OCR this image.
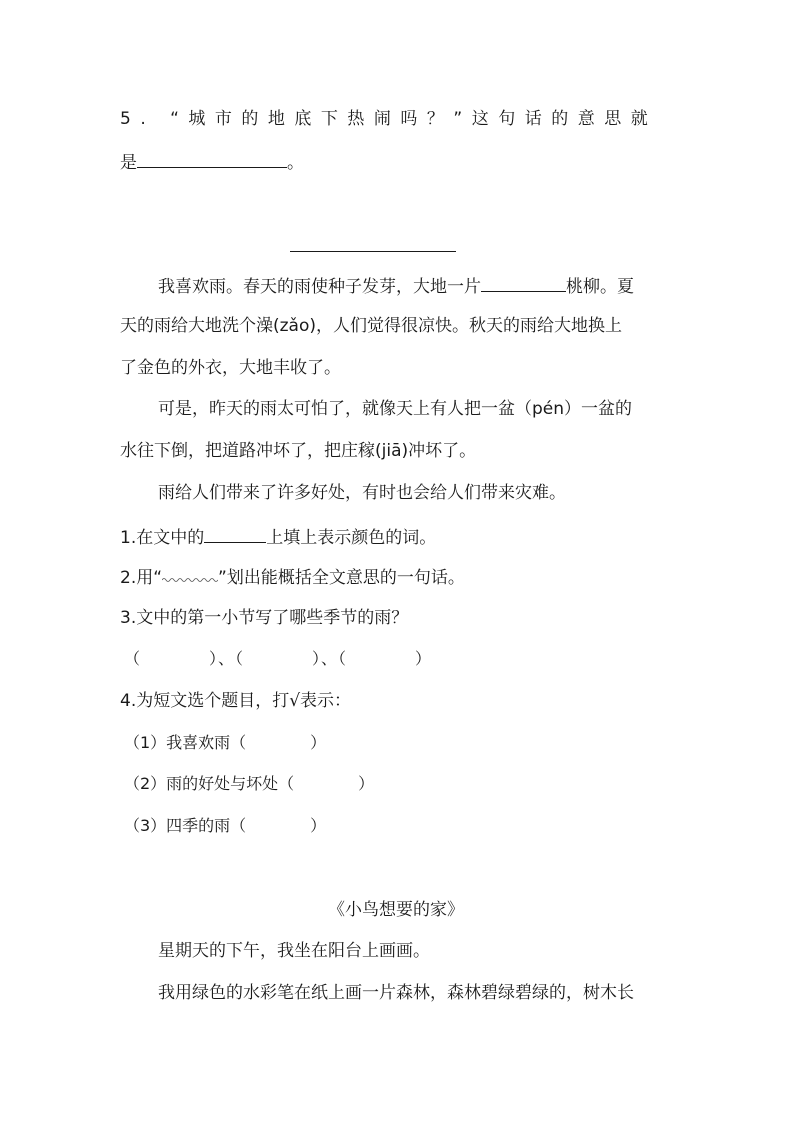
5. “城市的地底下热闹吗？”这句话的意思就
是	。
我喜欢雨。春天的雨使种子发芽，大地一片	桃柳。夏
天的雨给大地洗个澡(zǎo)，人们觉得很凉快。秋天的雨给大地换上
了金色的外衣，大地丰收了。
可是，昨天的雨太可怕了，就像天上有人把一盆（pén）一盆的
水往下倒，把道路冲坏了，把庄稼(jiā)冲坏了。
雨给人们带来了许多好处，有时也会给人们带来灾难。
1.在文中的	上填上表示颜色的词。
2.用“	”划出能概括全文意思的一句话。
3.文中的第一小节写了哪些季节的雨？
（　　　　）、（　　　　）、（　　　　）
4.为短文选个题目，打√表示：
（1）我喜欢雨（　　　　）
（2）雨的好处与坏处（　　　　）
（3）四季的雨（　　　　）
《小鸟想要的家》
星期天的下午，我坐在阳台上画画。
我用绿色的水彩笔在纸上画一片森林，森林碧绿碧绿的，树木长
